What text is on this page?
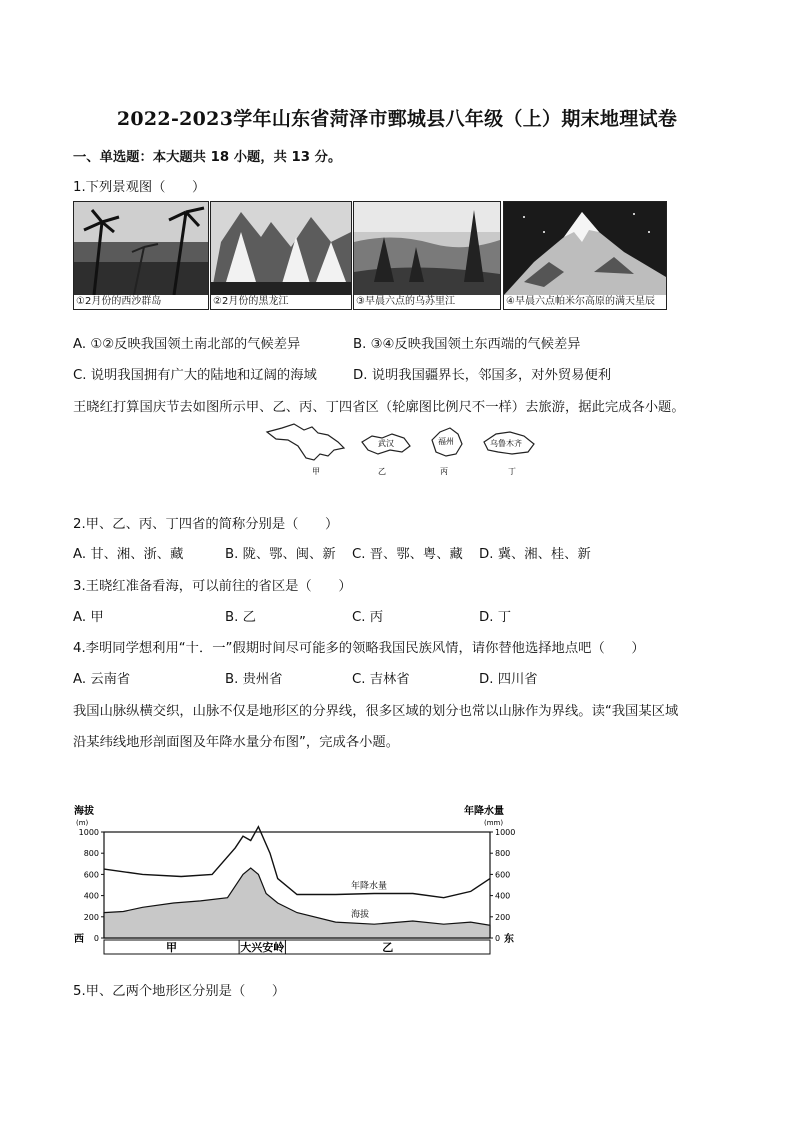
2022-2023学年山东省菏泽市鄄城县八年级（上）期末地理试卷
一、单选题：本大题共 18 小题，共 13 分。
1.下列景观图（　　）
①2月份的西沙群岛	②2月份的黑龙江	③早晨六点的乌苏里江	④早晨六点帕米尔高原的满天星辰
A. ①②反映我国领土南北部的气候差异	B. ③④反映我国领土东西端的气候差异
C. 说明我国拥有广大的陆地和辽阔的海域	D. 说明我国疆界长，邻国多，对外贸易便利
王晓红打算国庆节去如图所示甲、乙、丙、丁四省区（轮廓图比例尺不一样）去旅游，据此完成各小题。
武汉	福州	乌鲁木齐
甲	乙	丙	丁
2.甲、乙、丙、丁四省的简称分别是（　　）
A. 甘、湘、浙、藏	B. 陇、鄂、闽、新 C. 晋、鄂、粤、藏 D. 冀、湘、桂、新
3.王晓红准备看海，可以前往的省区是（　　）
A. 甲	B. 乙	C. 丙	D. 丁
4.李明同学想利用“十．一”假期时间尽可能多的领略我国民族风情，请你替他选择地点吧（　　）
A. 云南省	B. 贵州省	C. 吉林省	D. 四川省
我国山脉纵横交织，山脉不仅是地形区的分界线，很多区域的划分也常以山脉作为界线。读“我国某区域
沿某纬线地形剖面图及年降水量分布图”，完成各小题。
海拔
(m)
年降水量
(mm)
1000
800
600
400
200
0
1000
800
600
400
200
0
年降水量
海拔
甲	大兴安岭	乙
西	东
5.甲、乙两个地形区分别是（　　）
